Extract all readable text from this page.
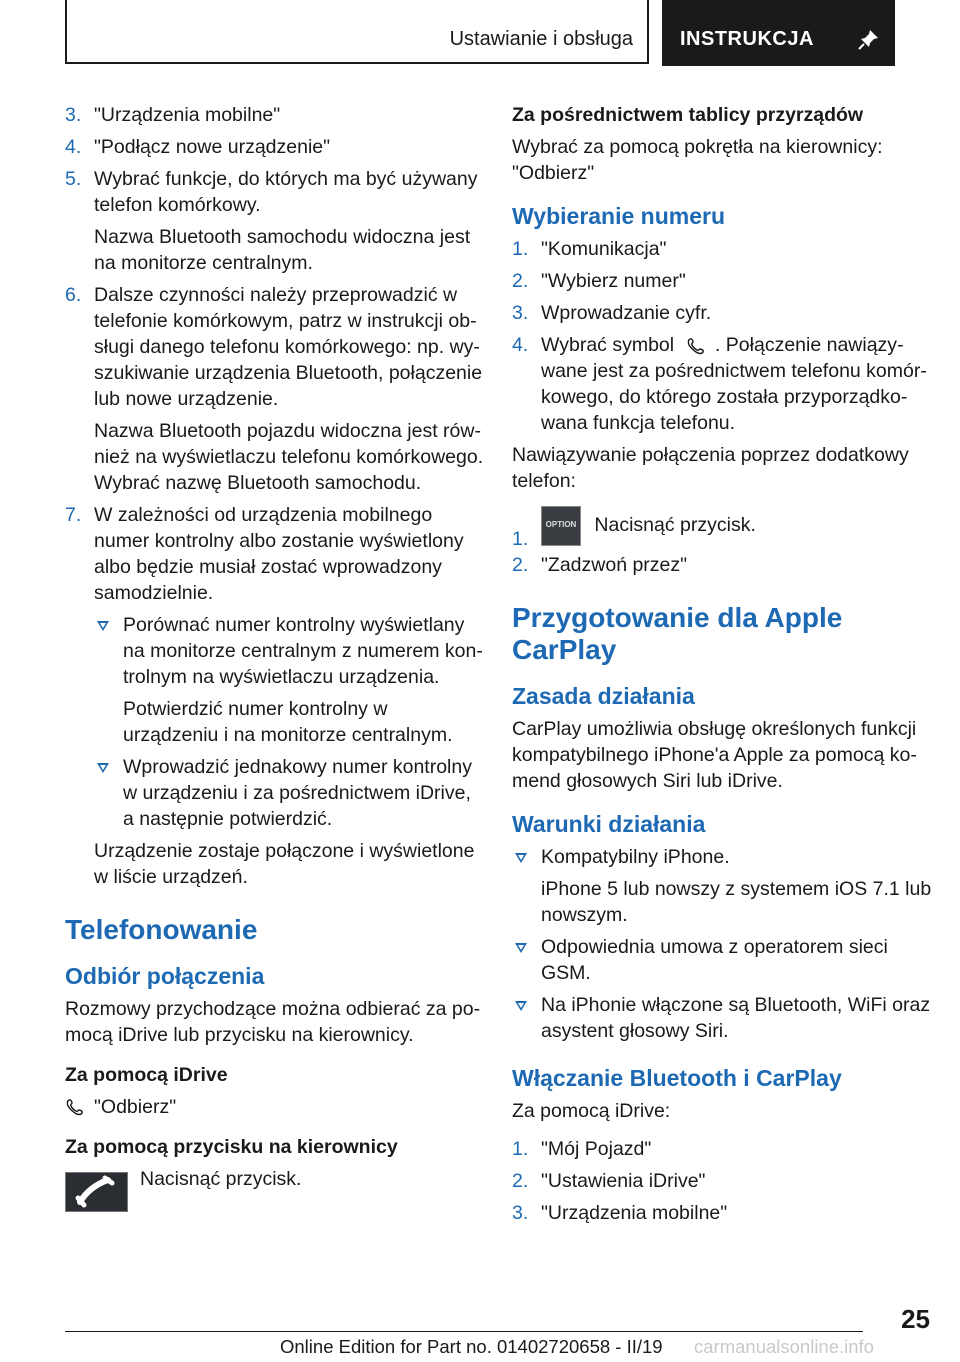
Ustawianie i obsługa INSTRUKCJA
3. "Urządzenia mobilne"
4. "Podłącz nowe urządzenie"
5. Wybrać funkcje, do których ma być używany telefon komórkowy.
Nazwa Bluetooth samochodu widoczna jest na monitorze centralnym.
6. Dalsze czynności należy przeprowadzić w telefonie komórkowym, patrz w instrukcji obsługi danego telefonu komórkowego: np. wyszukiwanie urządzenia Bluetooth, połączenie lub nowe urządzenie.
Nazwa Bluetooth pojazdu widoczna jest również na wyświetlaczu telefonu komórkowego. Wybrać nazwę Bluetooth samochodu.
7. W zależności od urządzenia mobilnego numer kontrolny albo zostanie wyświetlony albo będzie musiał zostać wprowadzony samodzielnie.
Porównać numer kontrolny wyświetlany na monitorze centralnym z numerem kontrolnym na wyświetlaczu urządzenia.
Potwierdzić numer kontrolny w urządzeniu i na monitorze centralnym.
Wprowadzić jednakowy numer kontrolny w urządzeniu i za pośrednictwem iDrive, a następnie potwierdzić.
Urządzenie zostaje połączone i wyświetlone w liście urządzeń.
Telefonowanie
Odbiór połączenia
Rozmowy przychodzące można odbierać za pomocą iDrive lub przycisku na kierownicy.
Za pomocą iDrive
"Odbierz"
Za pomocą przycisku na kierownicy
Nacisnąć przycisk.
Za pośrednictwem tablicy przyrządów
Wybrać za pomocą pokrętła na kierownicy: "Odbierz"
Wybieranie numeru
1. "Komunikacja"
2. "Wybierz numer"
3. Wprowadzanie cyfr.
4. Wybrać symbol . Połączenie nawiązywane jest za pośrednictwem telefonu komórkowego, do którego została przyporządkowana funkcja telefonu.
Nawiązywanie połączenia poprzez dodatkowy telefon:
1.
OPTION Nacisnąć przycisk.
2. "Zadzwoń przez"
Przygotowanie dla Apple CarPlay
Zasada działania
CarPlay umożliwia obsługę określonych funkcji kompatybilnego iPhone'a Apple za pomocą komend głosowych Siri lub iDrive.
Warunki działania
Kompatybilny iPhone.
iPhone 5 lub nowszy z systemem iOS 7.1 lub nowszym.
Odpowiednia umowa z operatorem sieci GSM.
Na iPhonie włączone są Bluetooth, WiFi oraz asystent głosowy Siri.
Włączanie Bluetooth i CarPlay
Za pomocą iDrive:
1. "Mój Pojazd"
2. "Ustawienia iDrive"
3. "Urządzenia mobilne"
25
Online Edition for Part no. 01402720658 - II/19 carmanualsonline.info
